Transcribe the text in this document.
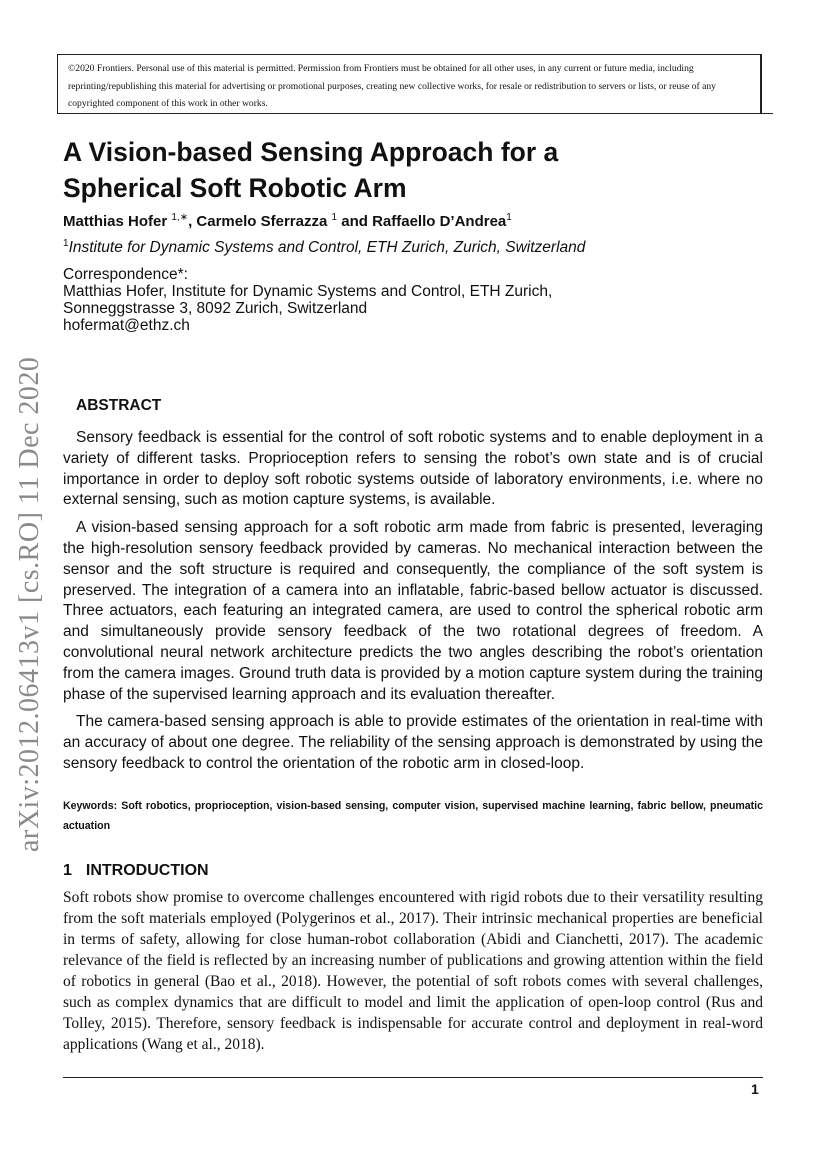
©2020 Frontiers. Personal use of this material is permitted. Permission from Frontiers must be obtained for all other uses, in any current or future media, including reprinting/republishing this material for advertising or promotional purposes, creating new collective works, for resale or redistribution to servers or lists, or reuse of any copyrighted component of this work in other works.
arXiv:2012.06413v1 [cs.RO] 11 Dec 2020
A Vision-based Sensing Approach for a Spherical Soft Robotic Arm
Matthias Hofer $^{1,∗}$, Carmelo Sferrazza $^1$ and Raffaello D’Andrea$^1$
$^1$Institute for Dynamic Systems and Control, ETH Zurich, Zurich, Switzerland
Correspondence*:
Matthias Hofer, Institute for Dynamic Systems and Control, ETH Zurich,
Sonneggstrasse 3, 8092 Zurich, Switzerland
hofermat@ethz.ch
ABSTRACT

Sensory feedback is essential for the control of soft robotic systems and to enable deployment in a variety of different tasks. Proprioception refers to sensing the robot’s own state and is of crucial importance in order to deploy soft robotic systems outside of laboratory environments, i.e. where no external sensing, such as motion capture systems, is available.

A vision-based sensing approach for a soft robotic arm made from fabric is presented, leveraging the high-resolution sensory feedback provided by cameras. No mechanical interaction between the sensor and the soft structure is required and consequently, the compliance of the soft system is preserved. The integration of a camera into an inflatable, fabric-based bellow actuator is discussed. Three actuators, each featuring an integrated camera, are used to control the spherical robotic arm and simultaneously provide sensory feedback of the two rotational degrees of freedom. A convolutional neural network architecture predicts the two angles describing the robot’s orientation from the camera images. Ground truth data is provided by a motion capture system during the training phase of the supervised learning approach and its evaluation thereafter.

The camera-based sensing approach is able to provide estimates of the orientation in real-time with an accuracy of about one degree. The reliability of the sensing approach is demonstrated by using the sensory feedback to control the orientation of the robotic arm in closed-loop.

Keywords: Soft robotics, proprioception, vision-based sensing, computer vision, supervised machine learning, fabric bellow, pneumatic actuation
1 INTRODUCTION

Soft robots show promise to overcome challenges encountered with rigid robots due to their versatility resulting from the soft materials employed (Polygerinos et al., 2017). Their intrinsic mechanical properties are beneficial in terms of safety, allowing for close human-robot collaboration (Abidi and Cianchetti, 2017). The academic relevance of the field is reflected by an increasing number of publications and growing attention within the field of robotics in general (Bao et al., 2018). However, the potential of soft robots comes with several challenges, such as complex dynamics that are difficult to model and limit the application of open-loop control (Rus and Tolley, 2015). Therefore, sensory feedback is indispensable for accurate control and deployment in real-word applications (Wang et al., 2018).

1
